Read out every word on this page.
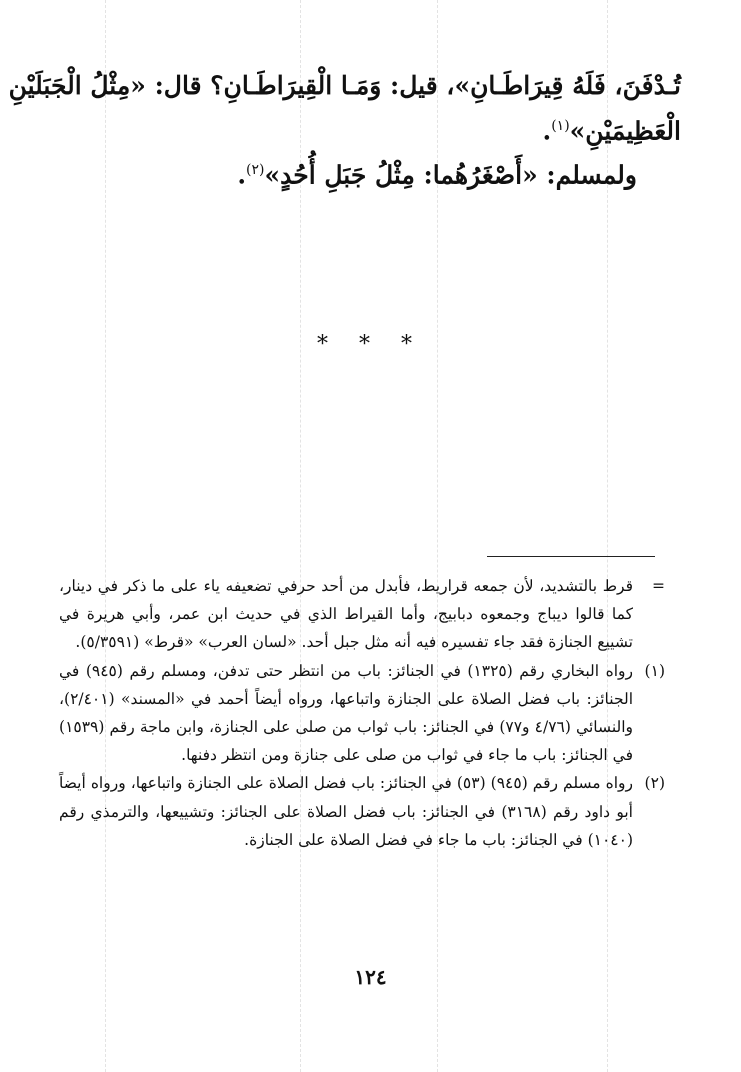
تُـدْفَنَ، فَلَهُ قِيرَاطَـانِ»، قيل: وَمَـا الْقِيرَاطَـانِ؟ قال: «مِثْلُ الْجَبَلَيْنِ
الْعَظِيمَيْنِ»$^{(١)}$.
ولمسلم: «أَصْغَرُهُما: مِثْلُ جَبَلِ أُحُدٍ»$^{(٢)}$.
* * *

=
قرط بالتشديد، لأن جمعه قراريط، فأبدل من أحد حرفي تضعيفه ياء على ما ذكر في دينار، كما قالوا ديباج وجمعوه دبابيج، وأما القيراط الذي في حديث ابن عمر، وأبي هريرة في تشييع الجنازة فقد جاء تفسيره فيه أنه مثل جبل أحد. «لسان العرب» «قرط» (٥/٣٥٩١).

(١)
رواه البخاري رقم (١٣٢٥) في الجنائز: باب من انتظر حتى تدفن، ومسلم رقم (٩٤٥) في الجنائز: باب فضل الصلاة على الجنازة واتباعها، ورواه أيضاً أحمد في «المسند» (٢/٤٠١)، والنسائي (٤/٧٦ و٧٧) في الجنائز: باب ثواب من صلى على الجنازة، وابن ماجة رقم (١٥٣٩) في الجنائز: باب ما جاء في ثواب من صلى على جنازة ومن انتظر دفنها.

(٢)
رواه مسلم رقم (٩٤٥) (٥٣) في الجنائز: باب فضل الصلاة على الجنازة واتباعها، ورواه أيضاً أبو داود رقم (٣١٦٨) في الجنائز: باب فضل الصلاة على الجنائز: وتشييعها، والترمذي رقم (١٠٤٠) في الجنائز: باب ما جاء في فضل الصلاة على الجنازة.

١٢٤
